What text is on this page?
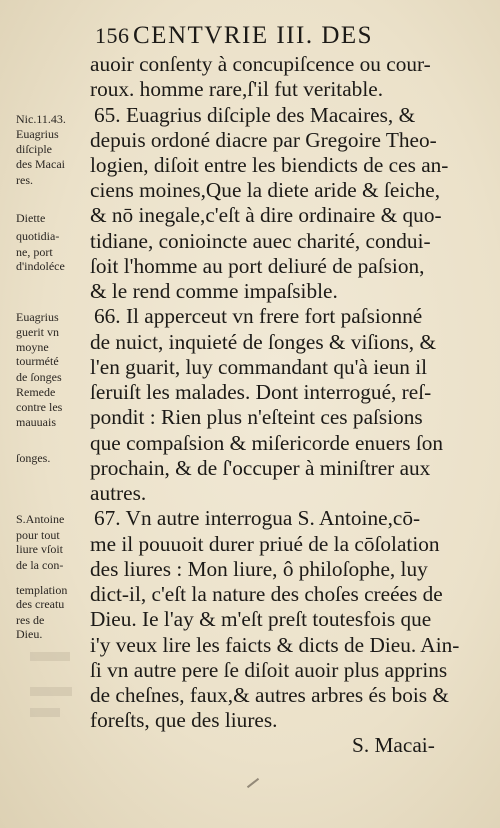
156 CENTVRIE III. DES
auoir conſenty à concupiſcence ou cour-
roux. homme rare,ſ'il fut veritable.
65. Euagrius diſciple des Macaires, &
depuis ordoné diacre par Gregoire Theo-
logien, diſoit entre les biendicts de ces an-
ciens moines,Que la diete aride & ſeiche,
& nō inegale,c'eſt à dire ordinaire & quo-
tidiane, conioincte auec charité, condui-
ſoit l'homme au port deliuré de paſsion,
& le rend comme impaſsible.
66. Il apperceut vn frere fort paſsionné
de nuict, inquieté de ſonges & viſions, &
l'en guarit, luy commandant qu'à ieun il
ſeruiſt les malades. Dont interrogué, reſ-
pondit : Rien plus n'eſteint ces paſsions
que compaſsion & miſericorde enuers ſon
prochain, & de ſ'occuper à miniſtrer aux
autres.
67. Vn autre interrogua S. Antoine,cō-
me il pouuoit durer priué de la cōſolation
des liures : Mon liure, ô philoſophe, luy
dict-il, c'eſt la nature des choſes creées de
Dieu. Ie l'ay & m'eſt preſt toutesfois que
i'y veux lire les faicts & dicts de Dieu. Ain-
ſi vn autre pere ſe diſoit auoir plus apprins
de cheſnes, faux,& autres arbres és bois &
foreſts, que des liures.
Nic.11.43.
Euagrius
diſciple
des Macai
res.
Diette
quotidia-
ne, port
d'indoléce
Euagrius
guerit vn
moyne
tourmété
de ſonges
Remede
contre les
mauuais
ſonges.
S.Antoine
pour tout
liure vſoit
de la con-
templation
des creatu
res de
Dieu.
S. Macai-
